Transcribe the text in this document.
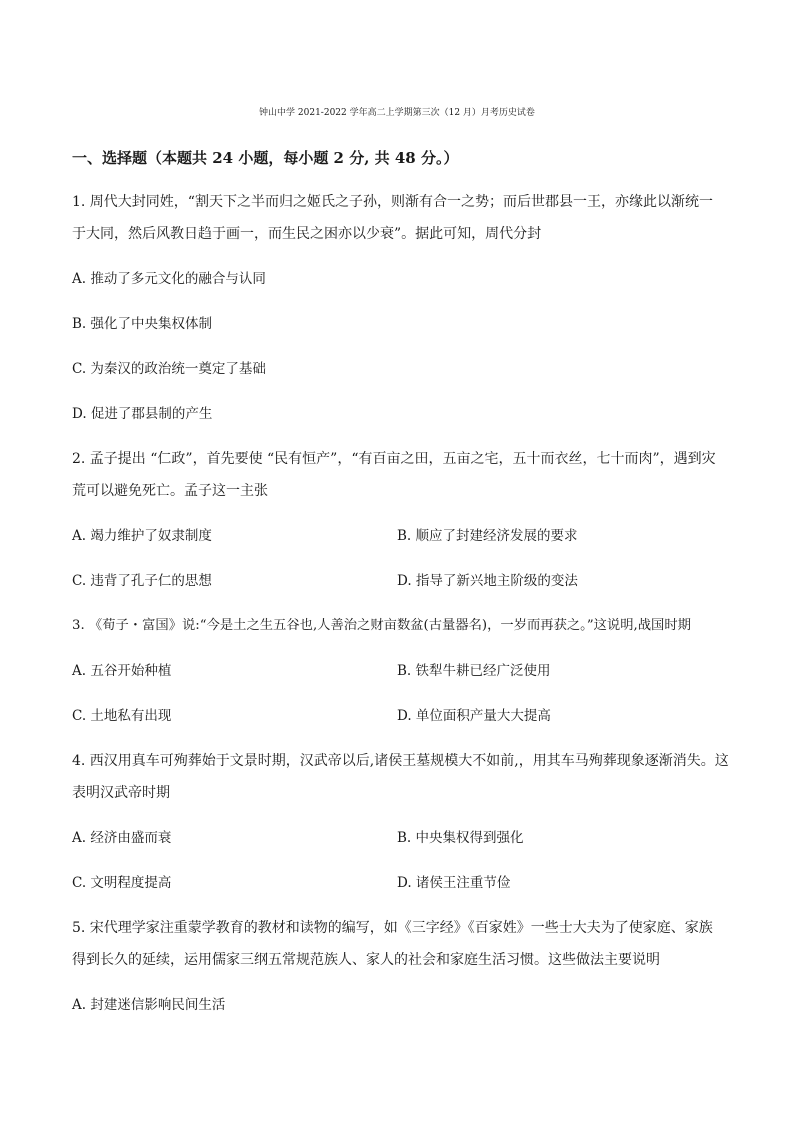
钟山中学 2021-2022 学年高二上学期第三次（12 月）月考历史试卷
一、选择题（本题共 24 小题，每小题 2 分, 共 48 分。）
1. 周代大封同姓，“割天下之半而归之姬氏之子孙，则渐有合一之势；而后世郡县一王，亦缘此以渐统一
于大同，然后风教日趋于画一，而生民之困亦以少衰”。据此可知，周代分封
A. 推动了多元文化的融合与认同
B. 强化了中央集权体制
C. 为秦汉的政治统一奠定了基础
D. 促进了郡县制的产生
2. 孟子提出 “仁政”，首先要使 “民有恒产”，“有百亩之田，五亩之宅，五十而衣丝，七十而肉”，遇到灾
荒可以避免死亡。孟子这一主张
A. 竭力维护了奴隶制度	B. 顺应了封建经济发展的要求
C. 违背了孔子仁的思想	D. 指导了新兴地主阶级的变法
3. 《荀子・富国》说:“今是土之生五谷也,人善治之财亩数盆(古量器名)，一岁而再获之。”这说明,战国时期
A. 五谷开始种植	B. 铁犁牛耕已经广泛使用
C. 土地私有出现	D. 单位面积产量大大提高
4. 西汉用真车可殉葬始于文景时期，汉武帝以后,诸侯王墓规模大不如前,，用其车马殉葬现象逐渐消失。这
表明汉武帝时期
A. 经济由盛而衰	B. 中央集权得到强化
C. 文明程度提高	D. 诸侯王注重节俭
5. 宋代理学家注重蒙学教育的教材和读物的编写，如《三字经》《百家姓》一些士大夫为了使家庭、家族
得到长久的延续，运用儒家三纲五常规范族人、家人的社会和家庭生活习惯。这些做法主要说明
A. 封建迷信影响民间生活
